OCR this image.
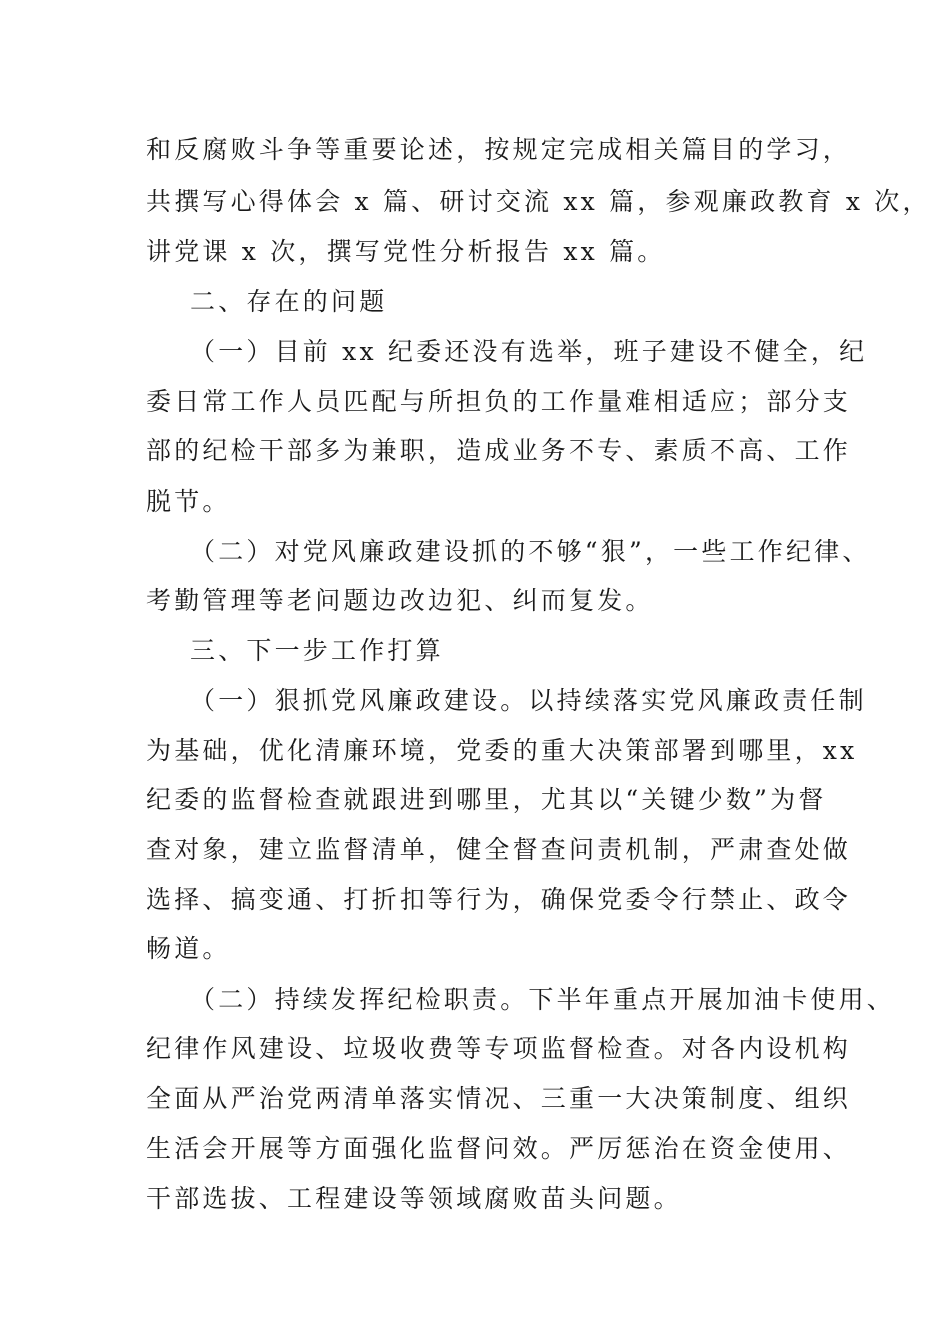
和反腐败斗争等重要论述，按规定完成相关篇目的学习，
共撰写心得体会 x 篇、研讨交流 xx 篇，参观廉政教育 x 次，
讲党课 x 次，撰写党性分析报告 xx 篇。
二、存在的问题
（一）目前 xx 纪委还没有选举，班子建设不健全，纪
委日常工作人员匹配与所担负的工作量难相适应；部分支
部的纪检干部多为兼职，造成业务不专、素质不高、工作
脱节。
（二）对党风廉政建设抓的不够“狠”，一些工作纪律、
考勤管理等老问题边改边犯、纠而复发。
三、下一步工作打算
（一）狠抓党风廉政建设。以持续落实党风廉政责任制
为基础，优化清廉环境，党委的重大决策部署到哪里，xx
纪委的监督检查就跟进到哪里，尤其以“关键少数”为督
查对象，建立监督清单，健全督查问责机制，严肃查处做
选择、搞变通、打折扣等行为，确保党委令行禁止、政令
畅道。
（二）持续发挥纪检职责。下半年重点开展加油卡使用、
纪律作风建设、垃圾收费等专项监督检查。对各内设机构
全面从严治党两清单落实情况、三重一大决策制度、组织
生活会开展等方面强化监督问效。严厉惩治在资金使用、
干部选拔、工程建设等领域腐败苗头问题。
